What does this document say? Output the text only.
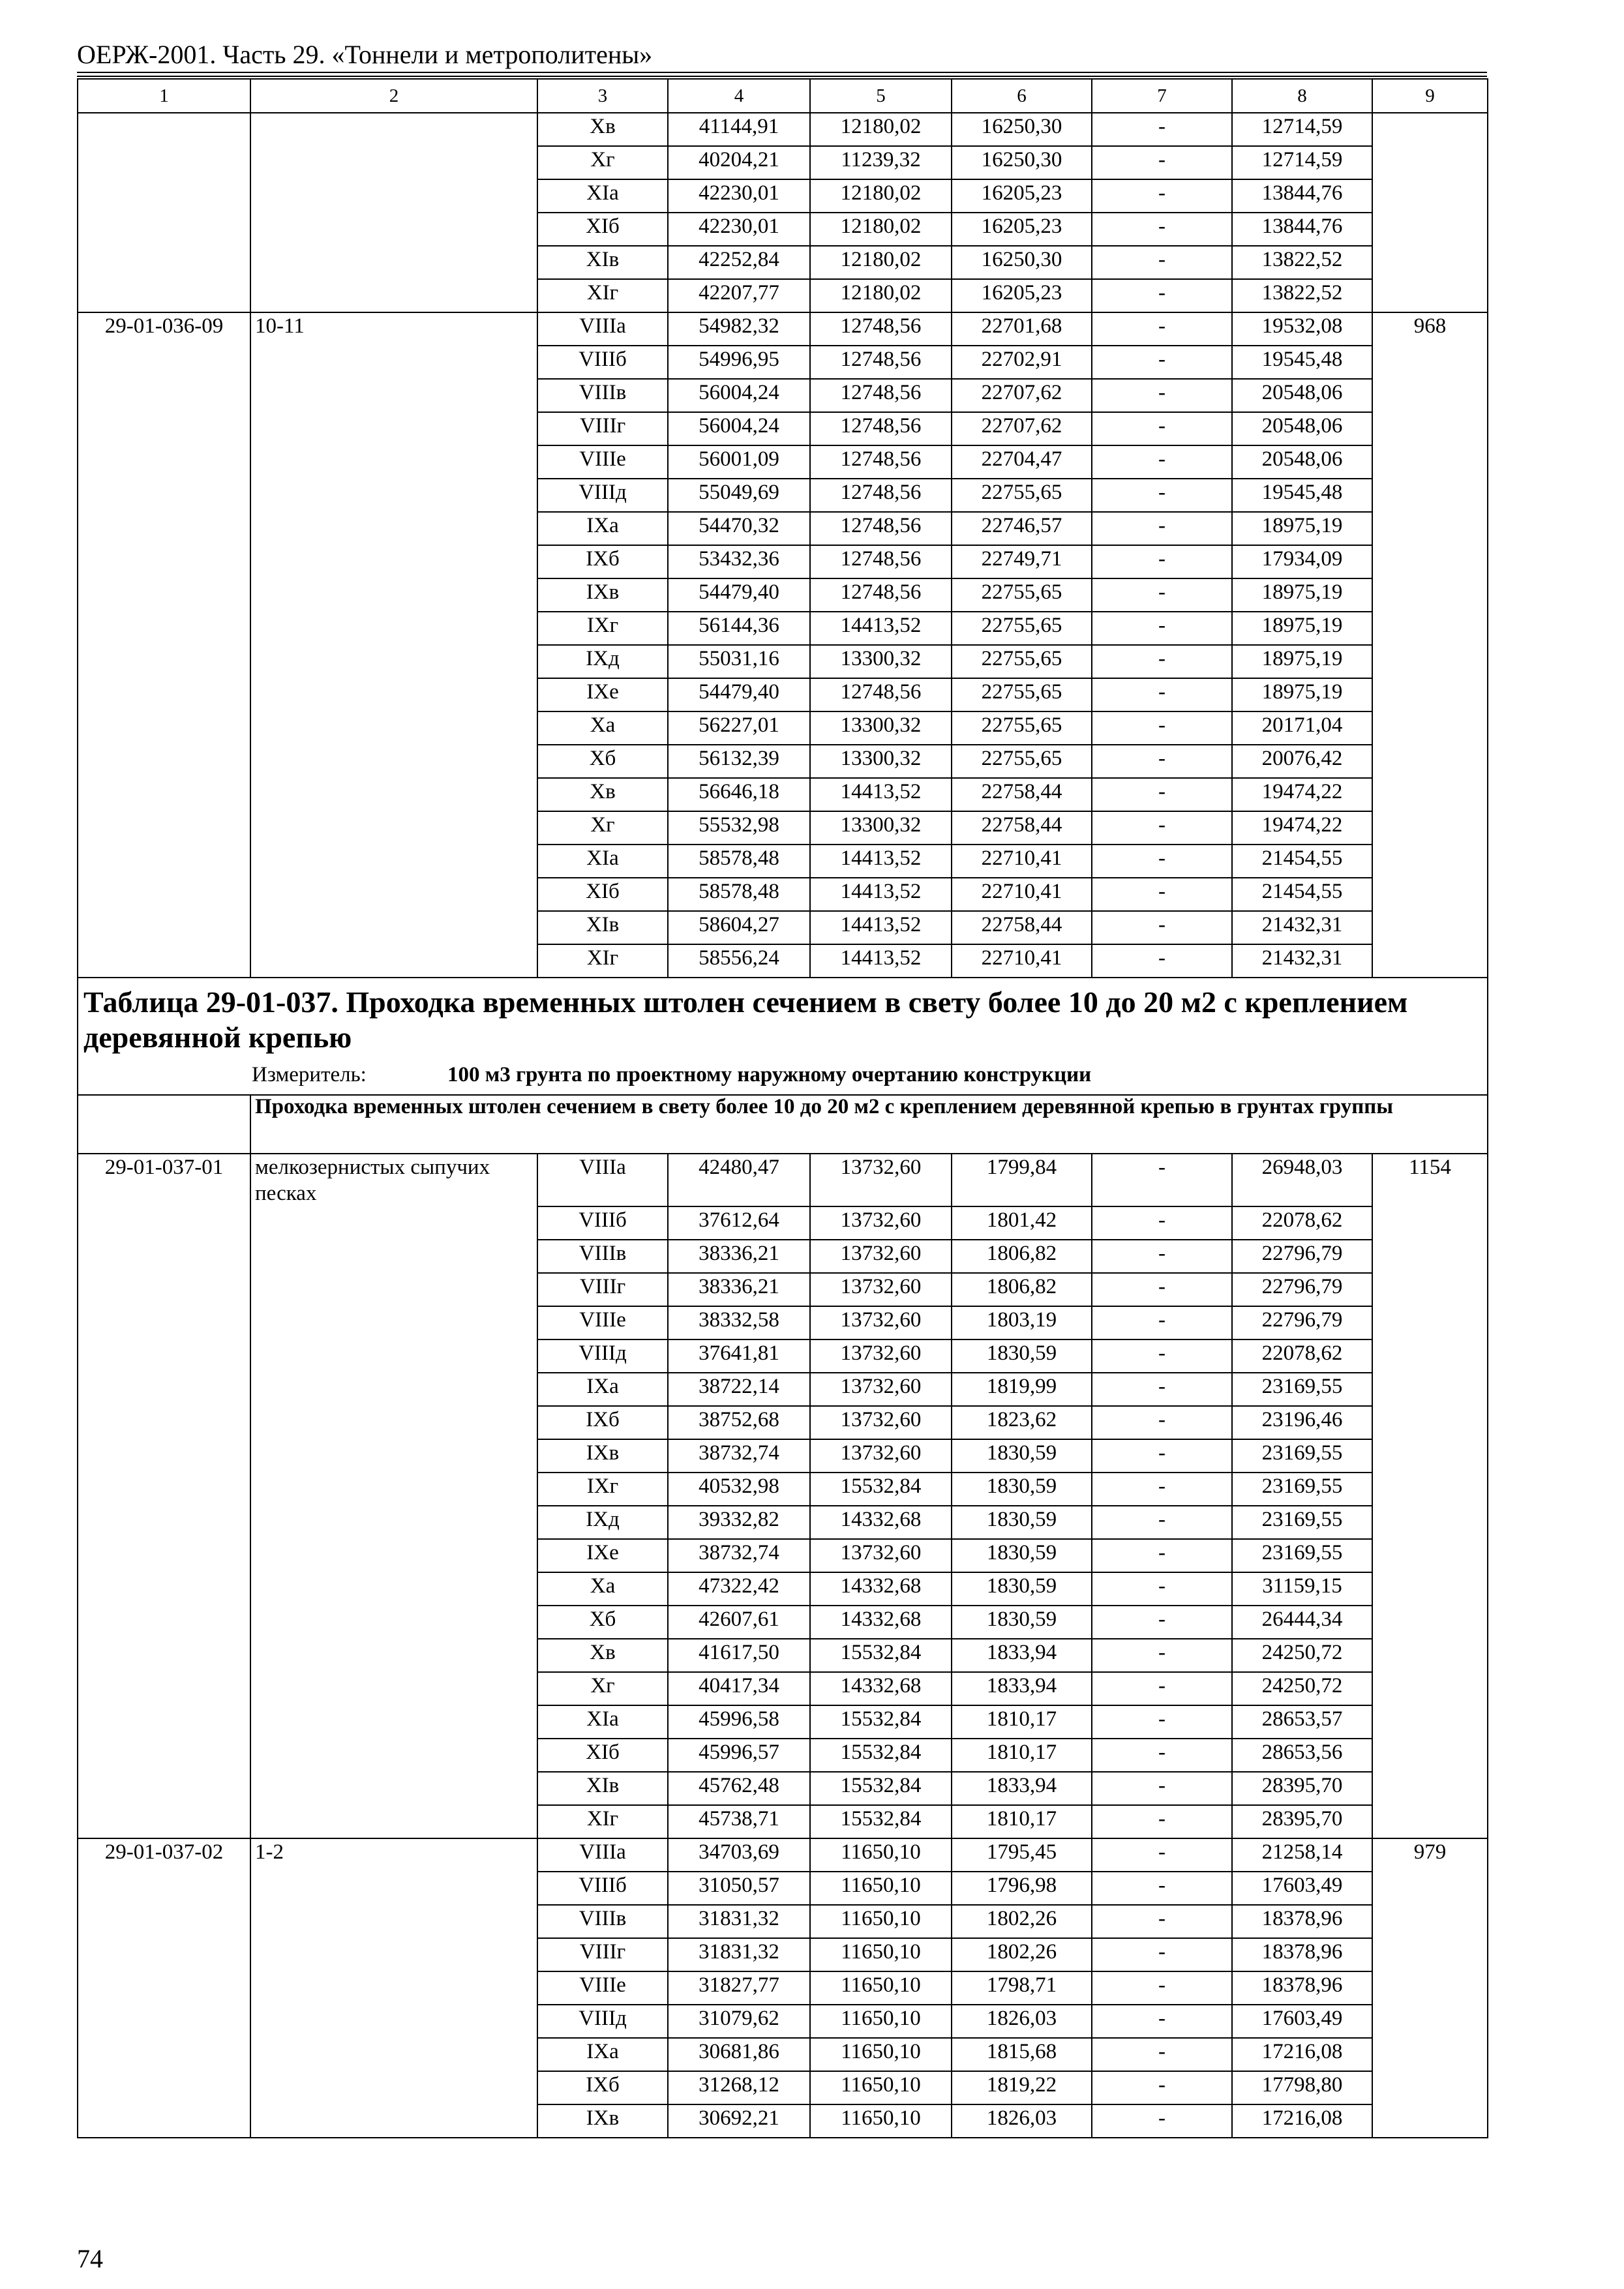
ОЕРЖ-2001. Часть 29. «Тоннели и метрополитены»
1	2	3	4	5	6	7	8	9
		Xв	41144,91	12180,02	16250,30	-	12714,59	
		Xг	40204,21	11239,32	16250,30	-	12714,59	
		XIа	42230,01	12180,02	16205,23	-	13844,76	
		XIб	42230,01	12180,02	16205,23	-	13844,76	
		XIв	42252,84	12180,02	16250,30	-	13822,52	
		XIг	42207,77	12180,02	16205,23	-	13822,52	
29-01-036-09	10-11	VIIIа	54982,32	12748,56	22701,68	-	19532,08	968
		VIIIб	54996,95	12748,56	22702,91	-	19545,48	
		VIIIв	56004,24	12748,56	22707,62	-	20548,06	
		VIIIг	56004,24	12748,56	22707,62	-	20548,06	
		VIIIе	56001,09	12748,56	22704,47	-	20548,06	
		VIIIд	55049,69	12748,56	22755,65	-	19545,48	
		IXа	54470,32	12748,56	22746,57	-	18975,19	
		IXб	53432,36	12748,56	22749,71	-	17934,09	
		IXв	54479,40	12748,56	22755,65	-	18975,19	
		IXг	56144,36	14413,52	22755,65	-	18975,19	
		IXд	55031,16	13300,32	22755,65	-	18975,19	
		IXе	54479,40	12748,56	22755,65	-	18975,19	
		Xа	56227,01	13300,32	22755,65	-	20171,04	
		Xб	56132,39	13300,32	22755,65	-	20076,42	
		Xв	56646,18	14413,52	22758,44	-	19474,22	
		Xг	55532,98	13300,32	22758,44	-	19474,22	
		XIа	58578,48	14413,52	22710,41	-	21454,55	
		XIб	58578,48	14413,52	22710,41	-	21454,55	
		XIв	58604,27	14413,52	22758,44	-	21432,31	
		XIг	58556,24	14413,52	22710,41	-	21432,31	
Таблица 29-01-037. Проходка временных штолен сечением в свету более 10 до 20 м2 с креплением деревянной крепью								
Измеритель: 100 м3 грунта по проектному наружному очертанию конструкции								
	Проходка временных штолен сечением в свету более 10 до 20 м2 с креплением деревянной крепью в грунтах группы							
29-01-037-01	мелкозернистых сыпучих песках	VIIIа	42480,47	13732,60	1799,84	-	26948,03	1154
		VIIIб	37612,64	13732,60	1801,42	-	22078,62	
		VIIIв	38336,21	13732,60	1806,82	-	22796,79	
		VIIIг	38336,21	13732,60	1806,82	-	22796,79	
		VIIIе	38332,58	13732,60	1803,19	-	22796,79	
		VIIIд	37641,81	13732,60	1830,59	-	22078,62	
		IXа	38722,14	13732,60	1819,99	-	23169,55	
		IXб	38752,68	13732,60	1823,62	-	23196,46	
		IXв	38732,74	13732,60	1830,59	-	23169,55	
		IXг	40532,98	15532,84	1830,59	-	23169,55	
		IXд	39332,82	14332,68	1830,59	-	23169,55	
		IXе	38732,74	13732,60	1830,59	-	23169,55	
		Xа	47322,42	14332,68	1830,59	-	31159,15	
		Xб	42607,61	14332,68	1830,59	-	26444,34	
		Xв	41617,50	15532,84	1833,94	-	24250,72	
		Xг	40417,34	14332,68	1833,94	-	24250,72	
		XIа	45996,58	15532,84	1810,17	-	28653,57	
		XIб	45996,57	15532,84	1810,17	-	28653,56	
		XIв	45762,48	15532,84	1833,94	-	28395,70	
		XIг	45738,71	15532,84	1810,17	-	28395,70	
29-01-037-02	1-2	VIIIа	34703,69	11650,10	1795,45	-	21258,14	979
		VIIIб	31050,57	11650,10	1796,98	-	17603,49	
		VIIIв	31831,32	11650,10	1802,26	-	18378,96	
		VIIIг	31831,32	11650,10	1802,26	-	18378,96	
		VIIIе	31827,77	11650,10	1798,71	-	18378,96	
		VIIIд	31079,62	11650,10	1826,03	-	17603,49	
		IXа	30681,86	11650,10	1815,68	-	17216,08	
		IXб	31268,12	11650,10	1819,22	-	17798,80	
		IXв	30692,21	11650,10	1826,03	-	17216,08	
74
